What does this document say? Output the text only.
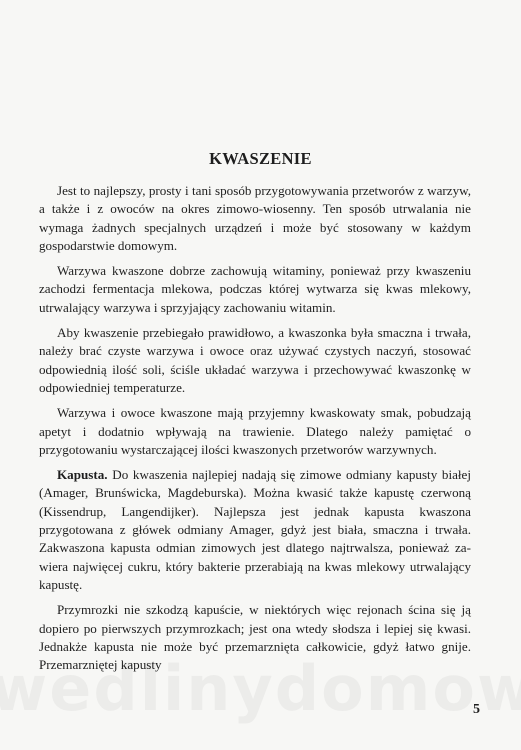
KWASZENIE

Jest to najlepszy, prosty i tani sposób przygotowywania przetworów z warzyw, a także i z owoców na okres zimowo-wiosenny. Ten sposób utrwalania nie wymaga żadnych specjalnych urządzeń i może być stosowany w każdym gospodarstwie domowym.

Warzywa kwaszone dobrze zachowują witaminy, ponieważ przy kwaszeniu zachodzi fermentacja mlekowa, podczas której wytwarza się kwas mlekowy, utrwalający warzywa i sprzyjający zachowaniu witamin.

Aby kwaszenie przebiegało prawidłowo, a kwaszonka była smaczna i trwała, należy brać czyste warzywa i owoce oraz używać czystych naczyń, stosować odpowiednią ilość soli, ściśle układać warzywa i przechowywać kwaszonkę w odpowiedniej temperaturze.

Warzywa i owoce kwaszone mają przyjemny kwaskowaty smak, pobudzają apetyt i dodatnio wpływają na trawienie. Dlatego należy pamiętać o przygotowaniu wystarczającej ilości kwaszonych przetworów warzywnych.

Kapusta. Do kwaszenia najlepiej nadają się zimowe odmiany kapusty białej (Amager, Brunświcka, Magdeburska). Można kwasić także kapustę czerwoną (Kissendrup, Langendijker). Najlepsza jest jednak kapusta kwaszona przygotowana z główek odmiany Amager, gdyż jest biała, smaczna i trwała. Zakwaszona kapusta odmian zimowych jest dlatego najtrwalsza, ponieważ zawiera najwięcej cukru, który bakterie przerabiają na kwas mlekowy utrwalający kapustę.

Przymrozki nie szkodzą kapuście, w niektórych więc rejonach ścina się ją dopiero po pierwszych przymrozkach; jest ona wtedy słodsza i lepiej się kwasi. Jednakże kapusta nie może być przemarznięta całkowicie, gdyż łatwo gnije. Przemarzniętej kapusty

5
